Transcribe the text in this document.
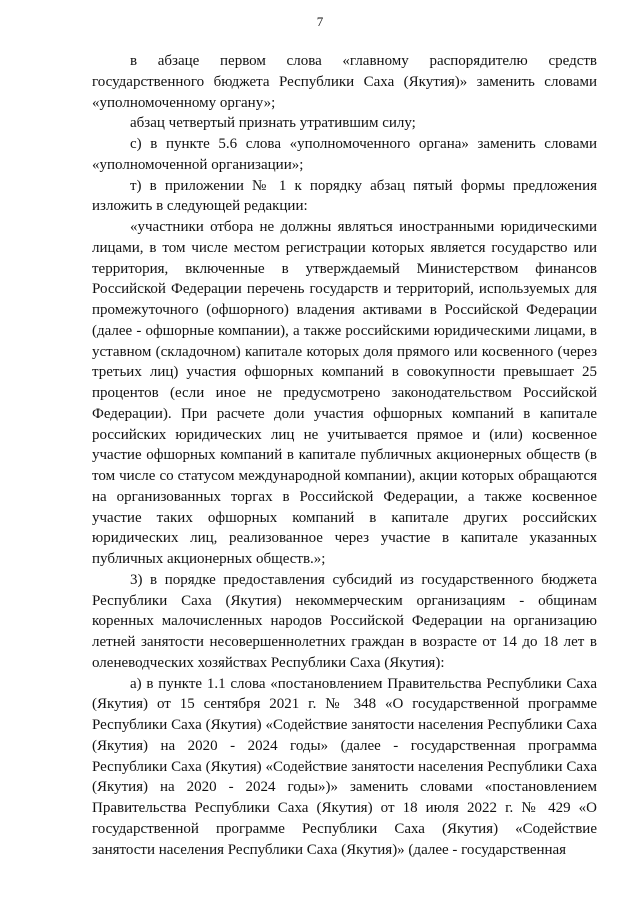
7

в абзаце первом слова «главному распорядителю средств государственного бюджета Республики Саха (Якутия)» заменить словами «уполномоченному органу»;

абзац четвертый признать утратившим силу;

с) в пункте 5.6 слова «уполномоченного органа» заменить словами «уполномоченной организации»;

т) в приложении № 1 к порядку абзац пятый формы предложения изложить в следующей редакции:

«участники отбора не должны являться иностранными юридическими лицами, в том числе местом регистрации которых является государство или территория, включенные в утверждаемый Министерством финансов Российской Федерации перечень государств и территорий, используемых для промежуточного (офшорного) владения активами в Российской Федерации (далее - офшорные компании), а также российскими юридическими лицами, в уставном (складочном) капитале которых доля прямого или косвенного (через третьих лиц) участия офшорных компаний в совокупности превышает 25 процентов (если иное не предусмотрено законодательством Российской Федерации). При расчете доли участия офшорных компаний в капитале российских юридических лиц не учитывается прямое и (или) косвенное участие офшорных компаний в капитале публичных акционерных обществ (в том числе со статусом международной компании), акции которых обращаются на организованных торгах в Российской Федерации, а также косвенное участие таких офшорных компаний в капитале других российских юридических лиц, реализованное через участие в капитале указанных публичных акционерных обществ.»;

3) в порядке предоставления субсидий из государственного бюджета Республики Саха (Якутия) некоммерческим организациям - общинам коренных малочисленных народов Российской Федерации на организацию летней занятости несовершеннолетних граждан в возрасте от 14 до 18 лет в оленеводческих хозяйствах Республики Саха (Якутия):

а) в пункте 1.1 слова «постановлением Правительства Республики Саха (Якутия) от 15 сентября 2021 г. № 348 «О государственной программе Республики Саха (Якутия) «Содействие занятости населения Республики Саха (Якутия) на 2020 - 2024 годы» (далее - государственная программа Республики Саха (Якутия) «Содействие занятости населения Республики Саха (Якутия) на 2020 - 2024 годы»)» заменить словами «постановлением Правительства Республики Саха (Якутия) от 18 июля 2022 г. № 429 «О государственной программе Республики Саха (Якутия) «Содействие занятости населения Республики Саха (Якутия)» (далее - государственная
